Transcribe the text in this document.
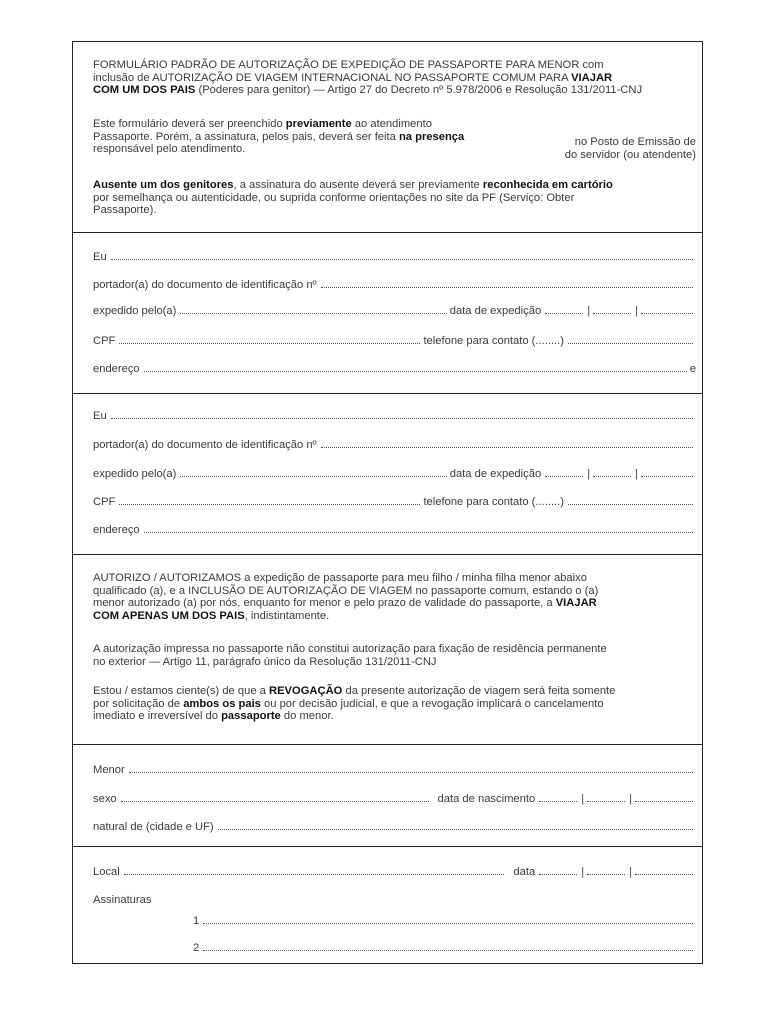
FORMULÁRIO PADRÃO DE AUTORIZAÇÃO DE EXPEDIÇÃO DE PASSAPORTE PARA MENOR com
inclusão de AUTORIZAÇÃO DE VIAGEM INTERNACIONAL NO PASSAPORTE COMUM PARA VIAJAR
COM UM DOS PAIS (Poderes para genitor) — Artigo 27 do Decreto nº 5.978/2006 e Resolução 131/2011-CNJ
Este formulário deverá ser preenchido previamente ao atendimento
Passaporte. Porém, a assinatura, pelos pais, deverá ser feita na presença
responsável pelo atendimento.
no Posto de Emissão de
do servidor (ou atendente)
Ausente um dos genitores, a assinatura do ausente deverá ser previamente reconhecida em cartório
por semelhança ou autenticidade, ou suprida conforme orientações no site da PF (Serviço: Obter
Passaporte).
Eu
portador(a) do documento de identificação nº
expedido pelo(a)	data de expedição	|	|
CPF	telefone para contato (........)
endereço	e
Eu
portador(a) do documento de identificação nº
expedido pelo(a)	data de expedição	|	|
CPF	telefone para contato (........)
endereço
AUTORIZO / AUTORIZAMOS a expedição de passaporte para meu filho / minha filha menor abaixo
qualificado (a), e a INCLUSÃO DE AUTORIZAÇÃO DE VIAGEM no passaporte comum, estando o (a)
menor autorizado (a) por nós, enquanto for menor e pelo prazo de validade do passaporte, a VIAJAR
COM APENAS UM DOS PAIS, indistintamente.
A autorização impressa no passaporte não constitui autorização para fixação de residência permanente
no exterior — Artigo 11, parágrafo único da Resolução 131/2011-CNJ
Estou / estamos ciente(s) de que a REVOGAÇÃO da presente autorização de viagem será feita somente
por solicitação de ambos os pais ou por decisão judicial, e que a revogação implicará o cancelamento
imediato e irreversível do passaporte do menor.
Menor
sexo	data de nascimento	|	|
natural de (cidade e UF)
Local	data	|	|
Assinaturas
1
2
